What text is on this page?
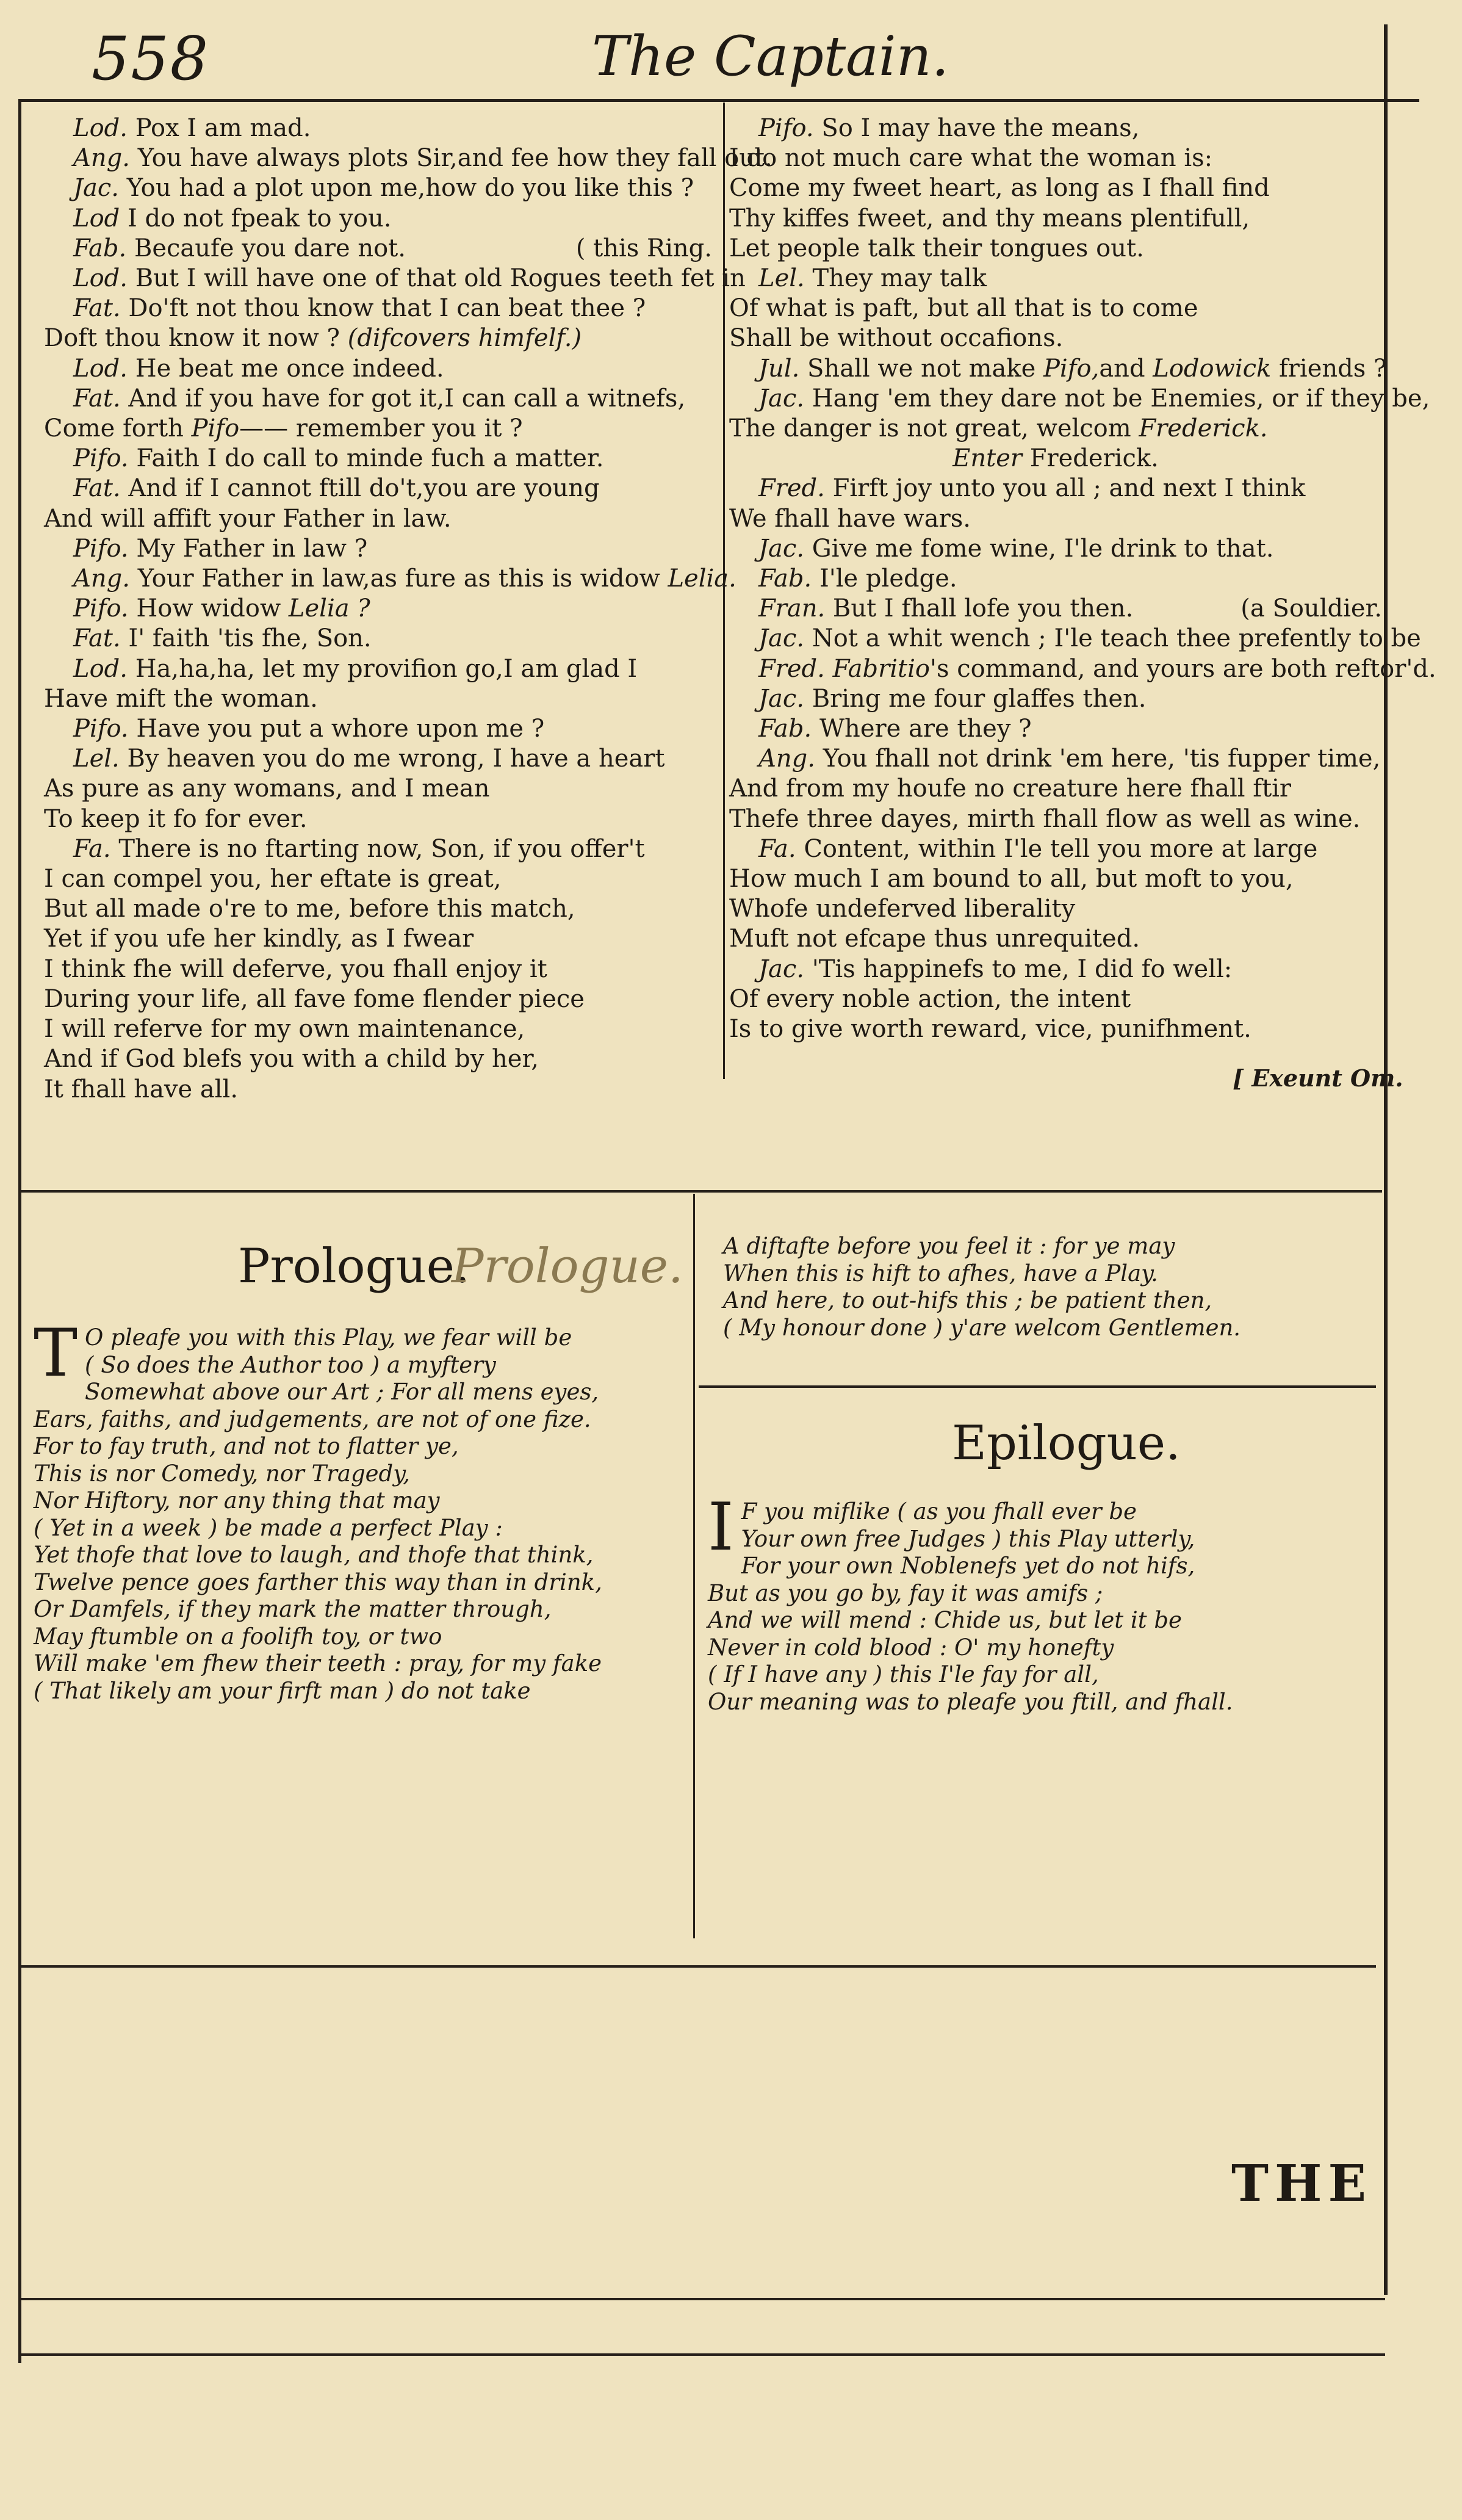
558	The Captain.
Lod. Pox I am mad.
Ang. You have always plots Sir,and fee how they fall out.
Jac. You had a plot upon me,how do you like this ?
Lod I do not fpeak to you.
Fab. Becaufe you dare not.	( this Ring.
Lod. But I will have one of that old Rogues teeth fet in
Fat. Do'ft not thou know that I can beat thee ?
Doft thou know it now ? (difcovers himfelf.)
Lod. He beat me once indeed.
Fat. And if you have for got it,I can call a witnefs,
Come forth Pifo—— remember you it ?
Pifo. Faith I do call to minde fuch a matter.
Fat. And if I cannot ftill do't,you are young
And will affift your Father in law.
Pifo. My Father in law ?
Ang. Your Father in law,as fure as this is widow Lelia.
Pifo. How widow Lelia ?
Fat. I' faith 'tis fhe, Son.
Lod. Ha,ha,ha, let my provifion go,I am glad I
Have mift the woman.
Pifo. Have you put a whore upon me ?
Lel. By heaven you do me wrong, I have a heart
As pure as any womans, and I mean
To keep it fo for ever.
Fa. There is no ftarting now, Son, if you offer't
I can compel you, her eftate is great,
But all made o're to me, before this match,
Yet if you ufe her kindly, as I fwear
I think fhe will deferve, you fhall enjoy it
During your life, all fave fome flender piece
I will referve for my own maintenance,
And if God blefs you with a child by her,
It fhall have all.
Pifo. So I may have the means,
I do not much care what the woman is:
Come my fweet heart, as long as I fhall find
Thy kiffes fweet, and thy means plentifull,
Let people talk their tongues out.
Lel. They may talk
Of what is paft, but all that is to come
Shall be without occafions.
Jul. Shall we not make Pifo,and Lodowick friends ?
Jac. Hang 'em they dare not be Enemies, or if they be,
The danger is not great, welcom Frederick.
Enter Frederick.
Fred. Firft joy unto you all ; and next I think
We fhall have wars.
Jac. Give me fome wine, I'le drink to that.
Fab. I'le pledge.
Fran. But I fhall lofe you then.	(a Souldier.
Jac. Not a whit wench ; I'le teach thee prefently to be
Fred. Fabritio's command, and yours are both reftor'd.
Jac. Bring me four glaffes then.
Fab. Where are they ?
Ang. You fhall not drink 'em here, 'tis fupper time,
And from my houfe no creature here fhall ftir
Thefe three dayes, mirth fhall flow as well as wine.
Fa. Content, within I'le tell you more at large
How much I am bound to all, but moft to you,
Whofe undeferved liberality
Muft not efcape thus unrequited.
Jac. 'Tis happinefs to me, I did fo well:
Of every noble action, the intent
Is to give worth reward, vice, punifhment.
[ Exeunt Om.
Prologue.
Prologue.
T O pleafe you with this Play, we fear will be
( So does the Author too ) a myftery
Somewhat above our Art ; For all mens eyes,
Ears, faiths, and judgements, are not of one fize.
For to fay truth, and not to flatter ye,
This is nor Comedy, nor Tragedy,
Nor Hiftory, nor any thing that may
( Yet in a week ) be made a perfect Play :
Yet thofe that love to laugh, and thofe that think,
Twelve pence goes farther this way than in drink,
Or Damfels, if they mark the matter through,
May ftumble on a foolifh toy, or two
Will make 'em fhew their teeth : pray, for my fake
( That likely am your firft man ) do not take
A diftafte before you feel it : for ye may
When this is hift to afhes, have a Play.
And here, to out-hifs this ; be patient then,
( My honour done ) y'are welcom Gentlemen.
Epilogue.
I F you miflike ( as you fhall ever be
Your own free Judges ) this Play utterly,
For your own Noblenefs yet do not hifs,
But as you go by, fay it was amifs ;
And we will mend : Chide us, but let it be
Never in cold blood : O' my honefty
( If I have any ) this I'le fay for all,
Our meaning was to pleafe you ftill, and fhall.
THE
